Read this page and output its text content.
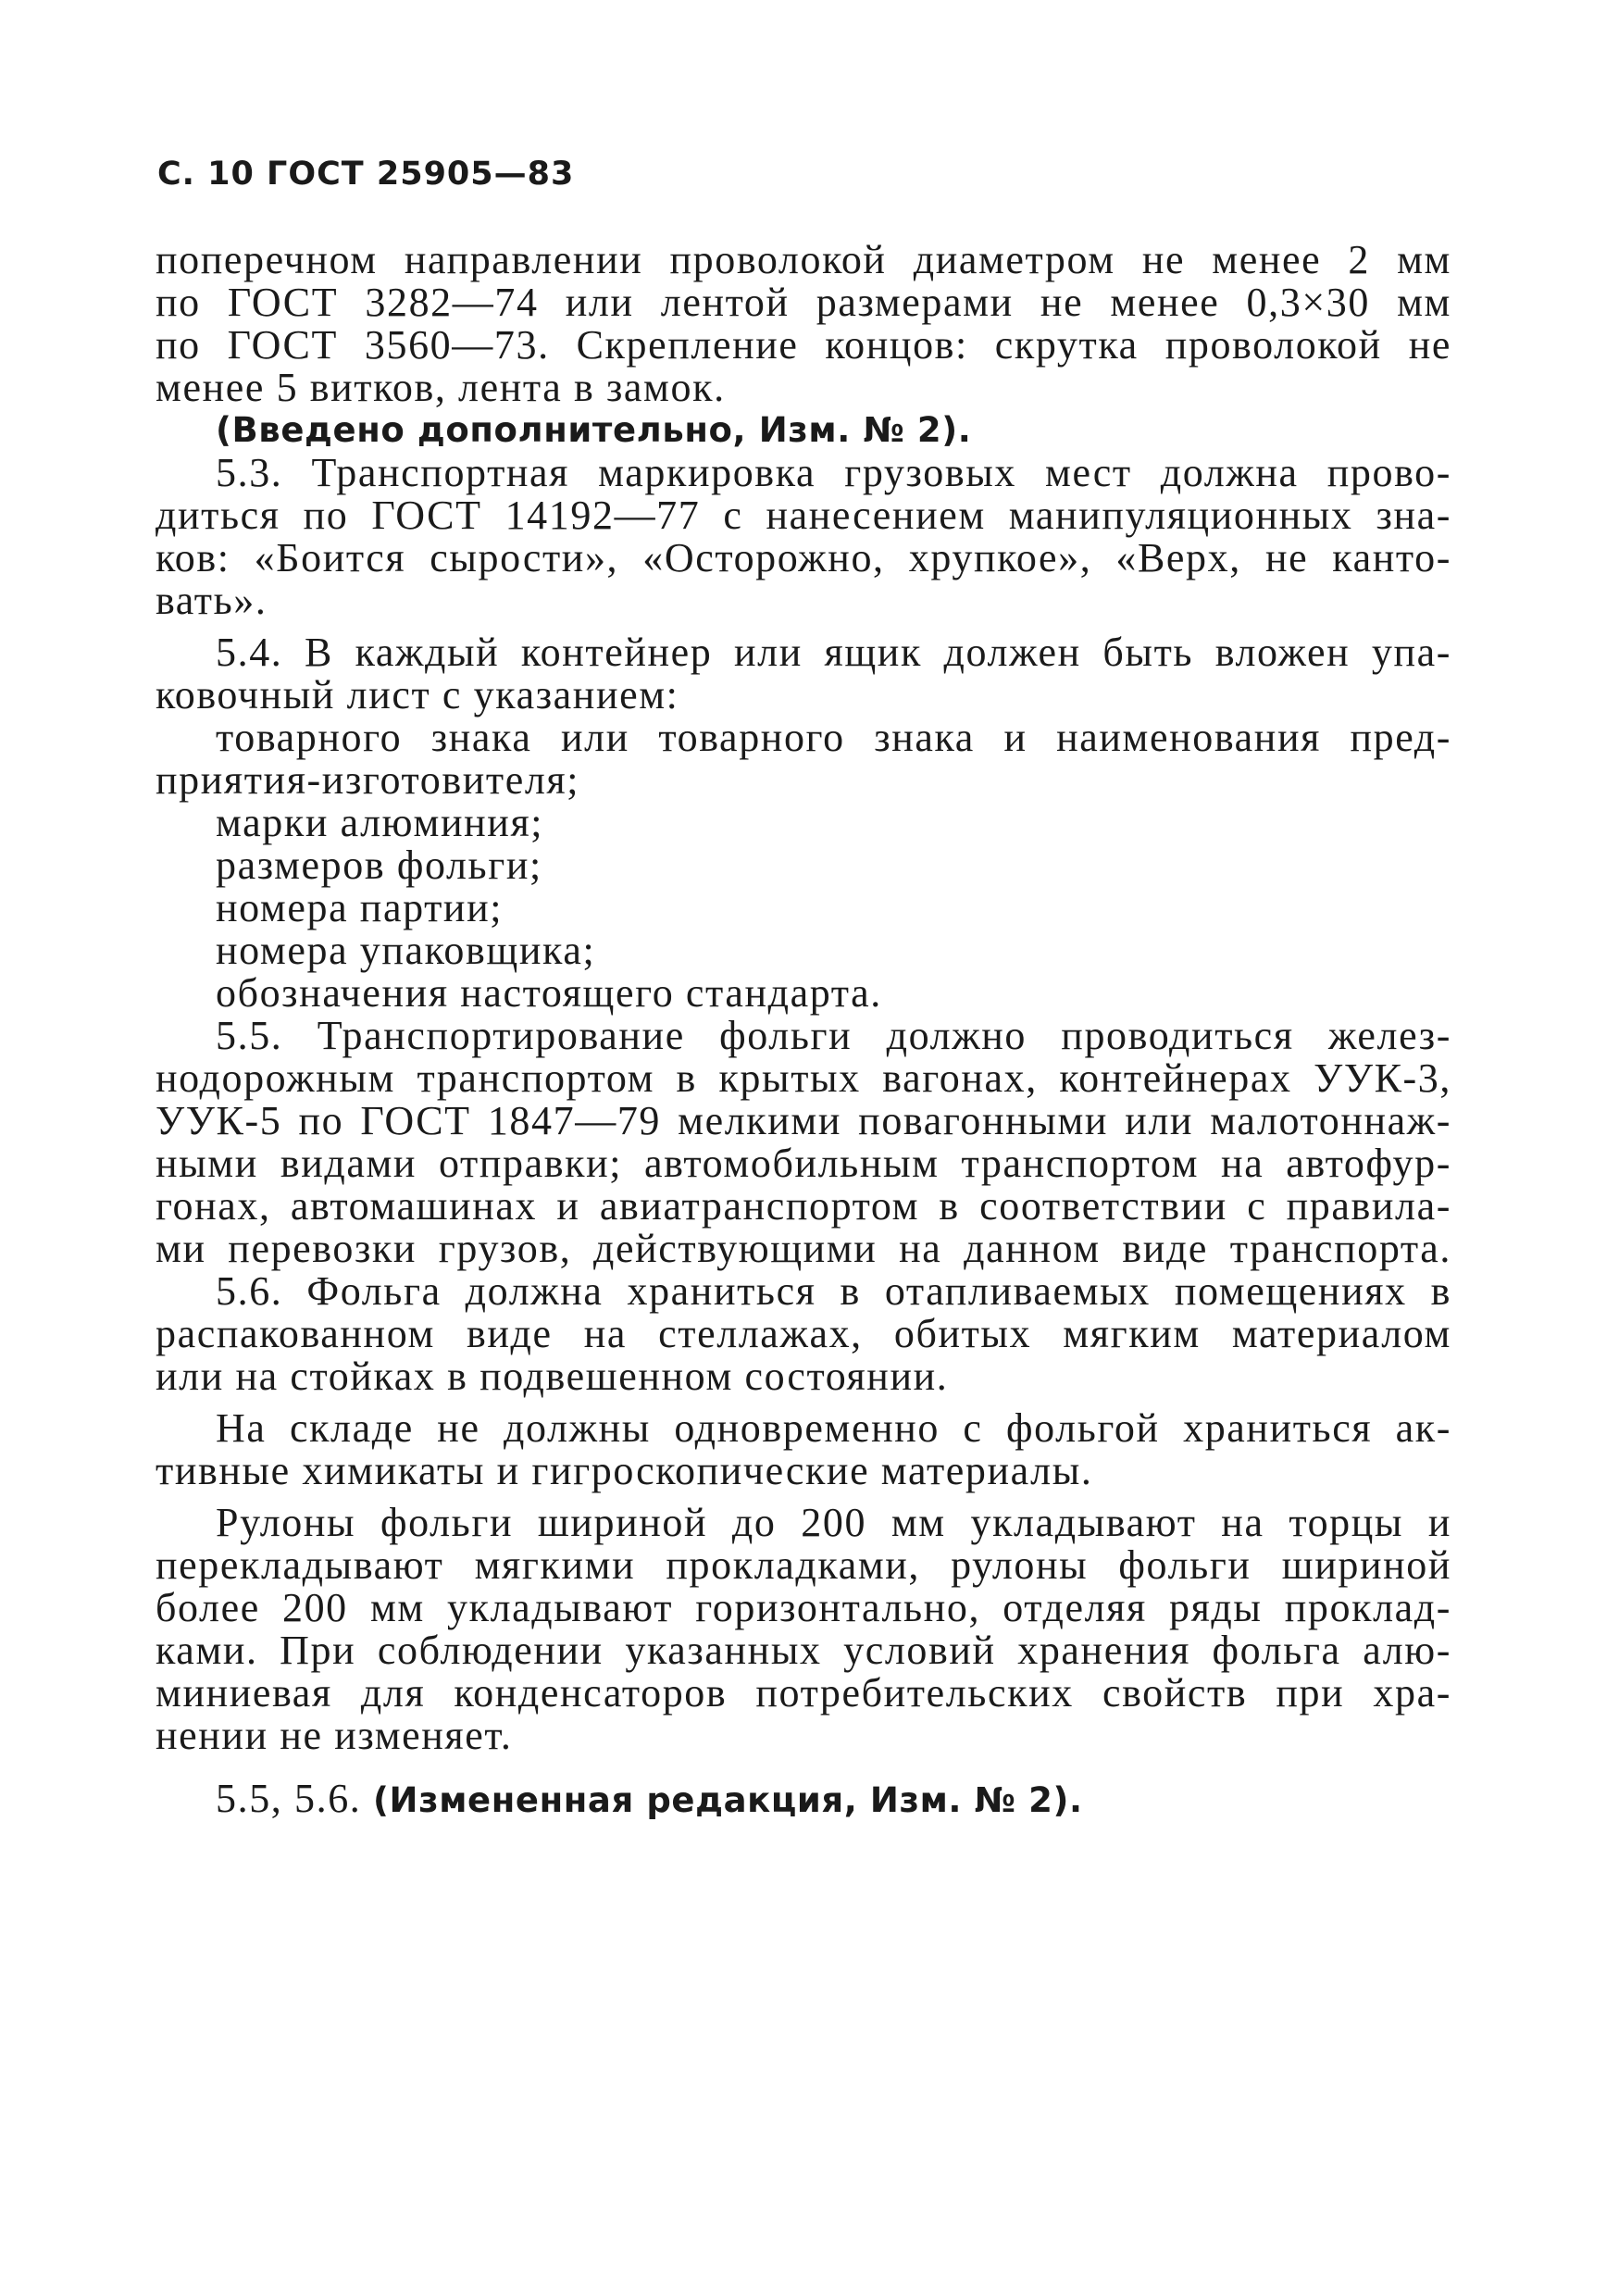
С. 10 ГОСТ 25905—83
поперечном направлении проволокой диаметром не менее 2 мм
по ГОСТ 3282—74 или лентой размерами не менее 0,3×30 мм
по ГОСТ 3560—73. Скрепление концов: скрутка проволокой не
менее 5 витков, лента в замок.
(Введено дополнительно, Изм. № 2).
5.3. Транспортная маркировка грузовых мест должна прово-
диться по ГОСТ 14192—77 с нанесением манипуляционных зна-
ков: «Боится сырости», «Осторожно, хрупкое», «Верх, не канто-
вать».
5.4. В каждый контейнер или ящик должен быть вложен упа-
ковочный лист с указанием:
товарного знака или товарного знака и наименования пред-
приятия-изготовителя;
марки алюминия;
размеров фольги;
номера партии;
номера упаковщика;
обозначения настоящего стандарта.
5.5. Транспортирование фольги должно проводиться желез-
нодорожным транспортом в крытых вагонах, контейнерах УУК-3,
УУК-5 по ГОСТ 1847—79 мелкими повагонными или малотоннаж-
ными видами отправки; автомобильным транспортом на автофур-
гонах, автомашинах и авиатранспортом в соответствии с правила-
ми перевозки грузов, действующими на данном виде транспорта.
5.6. Фольга должна храниться в отапливаемых помещениях в
распакованном виде на стеллажах, обитых мягким материалом
или на стойках в подвешенном состоянии.
На складе не должны одновременно с фольгой храниться ак-
тивные химикаты и гигроскопические материалы.
Рулоны фольги шириной до 200 мм укладывают на торцы и
перекладывают мягкими прокладками, рулоны фольги шириной
более 200 мм укладывают горизонтально, отделяя ряды проклад-
ками. При соблюдении указанных условий хранения фольга алю-
миниевая для конденсаторов потребительских свойств при хра-
нении не изменяет.
5.5, 5.6. (Измененная редакция, Изм. № 2).
